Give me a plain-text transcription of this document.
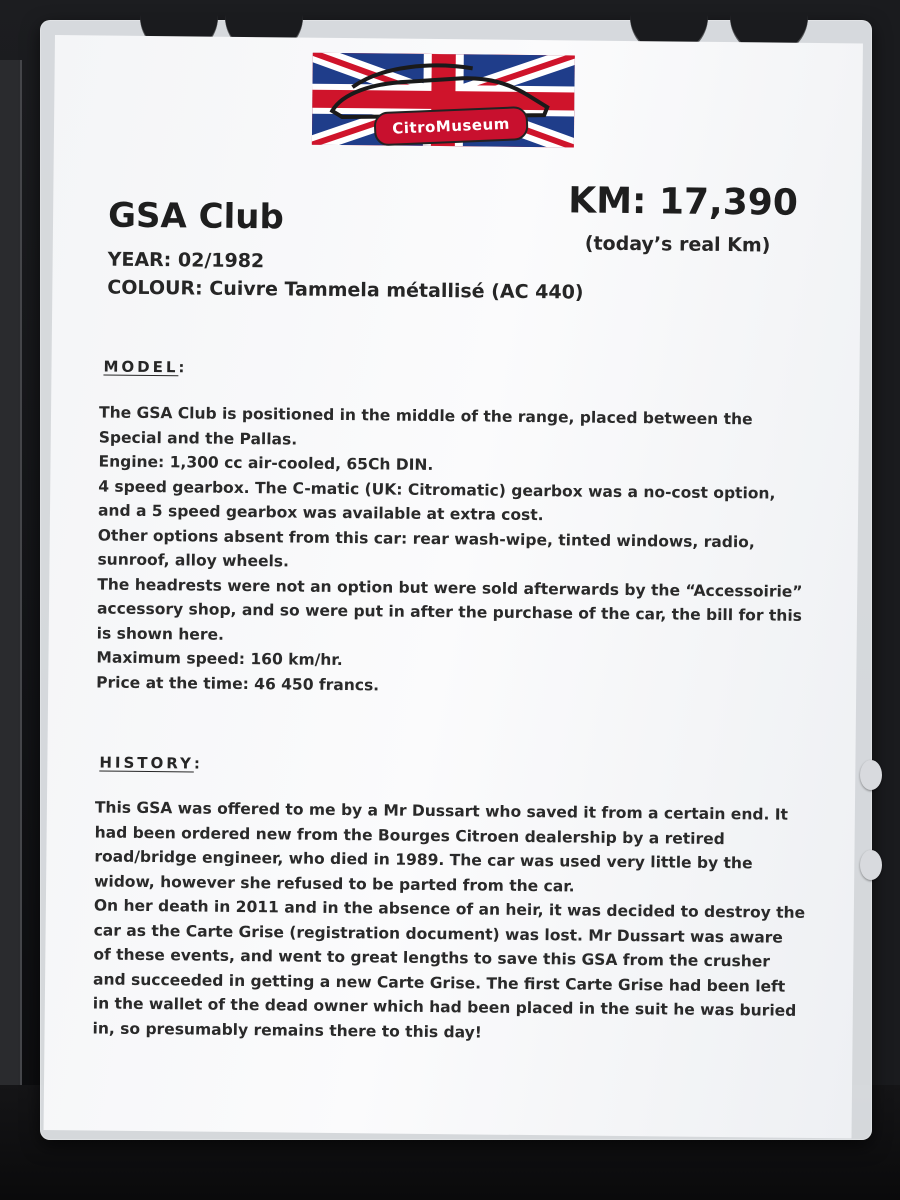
CitroMuseum
KM: 17,390
(today’s real Km)
GSA Club
YEAR: 02/1982
COLOUR: Cuivre Tammela métallisé (AC 440)
MODEL:

The GSA Club is positioned in the middle of the range, placed between the Special and the Pallas.

Engine: 1,300 cc air-cooled, 65Ch DIN.

4 speed gearbox. The C-matic (UK: Citromatic) gearbox was a no-cost option, and a 5 speed gearbox was available at extra cost.

Other options absent from this car: rear wash-wipe, tinted windows, radio, sunroof, alloy wheels.

The headrests were not an option but were sold afterwards by the “Accessoirie” accessory shop, and so were put in after the purchase of the car, the bill for this is shown here.

Maximum speed: 160 km/hr.

Price at the time: 46 450 francs.

HISTORY:

This GSA was offered to me by a Mr Dussart who saved it from a certain end. It had been ordered new from the Bourges Citroen dealership by a retired road/bridge engineer, who died in 1989. The car was used very little by the widow, however she refused to be parted from the car.

On her death in 2011 and in the absence of an heir, it was decided to destroy the car as the Carte Grise (registration document) was lost. Mr Dussart was aware of these events, and went to great lengths to save this GSA from the crusher and succeeded in getting a new Carte Grise. The first Carte Grise had been left in the wallet of the dead owner which had been placed in the suit he was buried in, so presumably remains there to this day!
